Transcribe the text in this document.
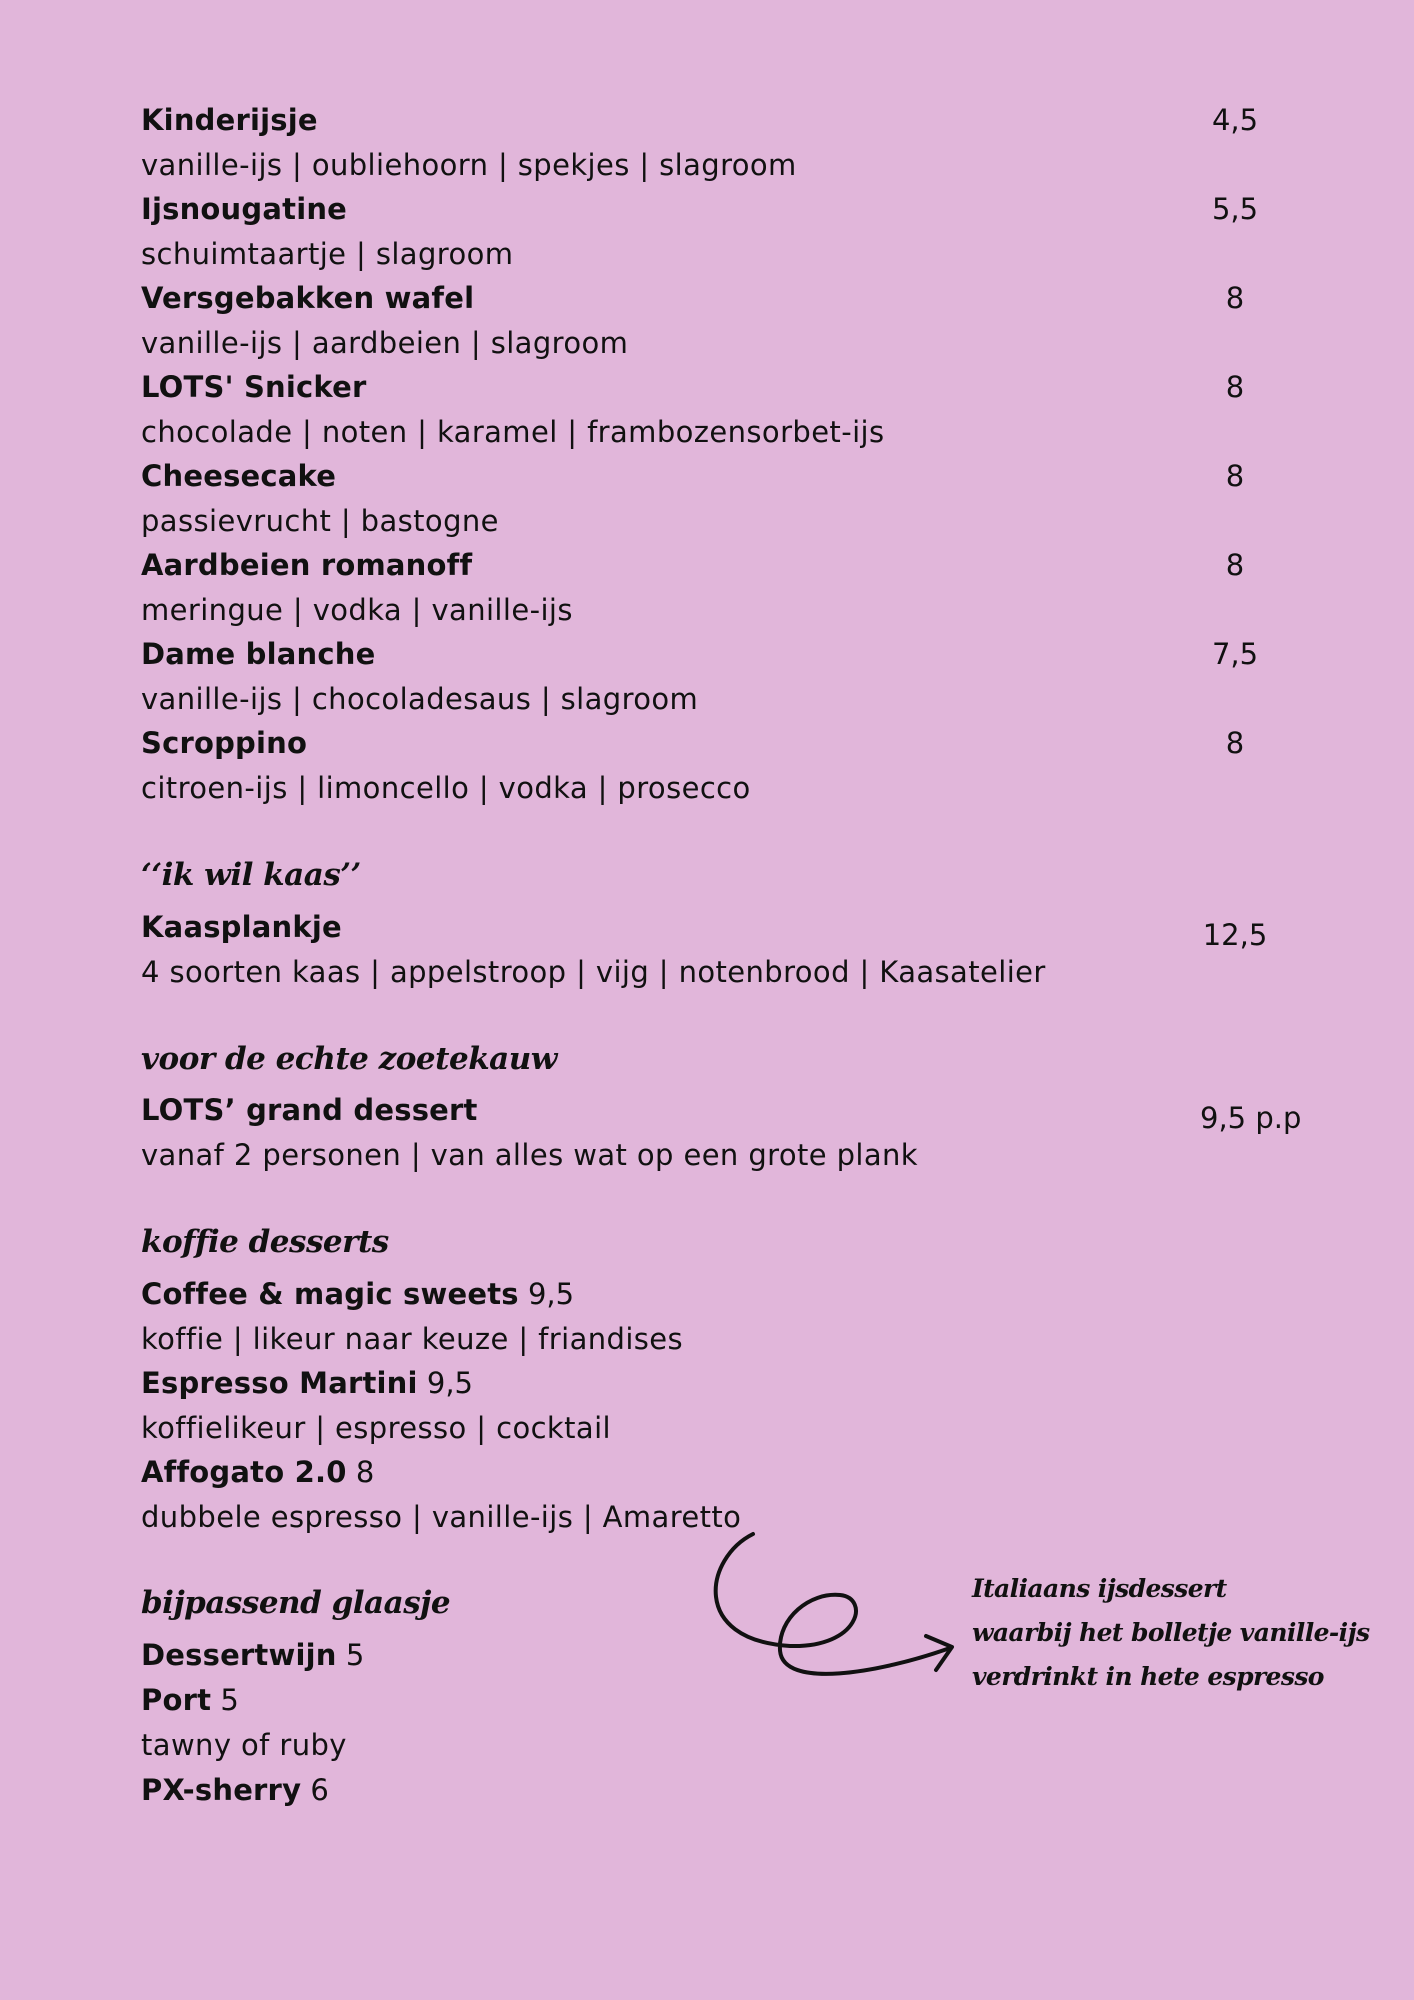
Kinderijsje	4,5
vanille-ijs | oubliehoorn | spekjes | slagroom
Ijsnougatine	5,5
schuimtaartje | slagroom
Versgebakken wafel	8
vanille-ijs | aardbeien | slagroom
LOTS' Snicker	8
chocolade | noten | karamel | frambozensorbet-ijs
Cheesecake	8
passievrucht | bastogne
Aardbeien romanoff	8
meringue | vodka | vanille-ijs
Dame blanche	7,5
vanille-ijs | chocoladesaus | slagroom
Scroppino	8
citroen-ijs | limoncello | vodka | prosecco
‘‘ik wil kaas’’
Kaasplankje	12,5
4 soorten kaas | appelstroop | vijg | notenbrood | Kaasatelier
voor de echte zoetekauw
LOTS’ grand dessert	9,5 p.p
vanaf 2 personen | van alles wat op een grote plank
koffie desserts
Coffee & magic sweets 9,5
koffie | likeur naar keuze | friandises
Espresso Martini 9,5
koffielikeur | espresso | cocktail
Affogato 2.0 8
dubbele espresso | vanille-ijs | Amaretto
bijpassend glaasje
Dessertwijn 5
Port 5
tawny of ruby
PX-sherry 6
Italiaans ijsdessert
waarbij het bolletje vanille-ijs
verdrinkt in hete espresso
